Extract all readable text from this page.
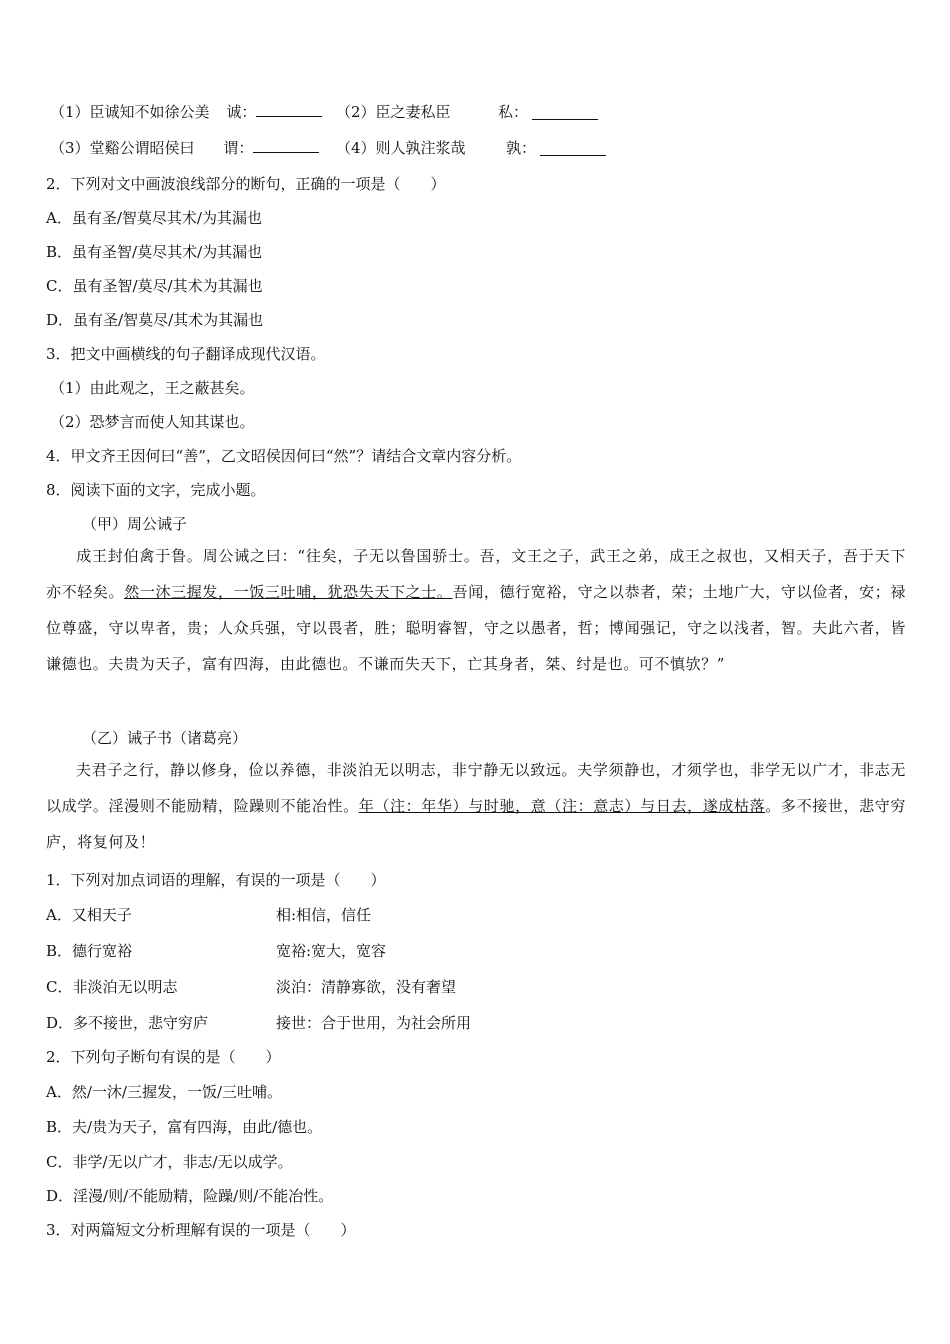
（1）臣诚知不如徐公美 诚：	（2）臣之妻私臣	私：
（3）堂谿公谓昭侯曰 谓：	（4）则人孰注浆哉	孰：
2．下列对文中画波浪线部分的断句，正确的一项是（　　）
A．虽有圣/智莫尽其术/为其漏也
B．虽有圣智/莫尽其术/为其漏也
C．虽有圣智/莫尽/其术为其漏也
D．虽有圣/智莫尽/其术为其漏也
3．把文中画横线的句子翻译成现代汉语。
（1）由此观之，王之蔽甚矣。
（2）恐梦言而使人知其谋也。
4．甲文齐王因何曰“善”，乙文昭侯因何曰“然”？请结合文章内容分析。
8．阅读下面的文字，完成小题。
（甲）周公诫子
成王封伯禽于鲁。周公诫之曰：“往矣，子无以鲁国骄士。吾，文王之子，武王之弟，成王之叔也，又相天子，吾于天下亦不轻矣。然一沐三握发，一饭三吐哺，犹恐失天下之士。吾闻，德行宽裕，守之以恭者，荣；土地广大，守以俭者，安；禄位尊盛，守以卑者，贵；人众兵强，守以畏者，胜；聪明睿智，守之以愚者，哲；博闻强记，守之以浅者，智。夫此六者，皆谦德也。夫贵为天子，富有四海，由此德也。不谦而失天下，亡其身者，桀、纣是也。可不慎欤？”
（乙）诫子书（诸葛亮）
夫君子之行，静以修身，俭以养德，非淡泊无以明志，非宁静无以致远。夫学须静也，才须学也，非学无以广才，非志无以成学。淫漫则不能励精，险躁则不能冶性。年（注：年华）与时驰，意（注：意志）与日去，遂成枯落。多不接世，悲守穷庐，将复何及！
1．下列对加点词语的理解，有误的一项是（　　）
A．又相天子	相:相信，信任
B．德行宽裕	宽裕:宽大，宽容
C．非淡泊无以明志	淡泊：清静寡欲，没有奢望
D．多不接世，悲守穷庐	接世：合于世用，为社会所用
2．下列句子断句有误的是（　　）
A．然/一沐/三握发，一饭/三吐哺。
B．夫/贵为天子，富有四海，由此/德也。
C．非学/无以广才，非志/无以成学。
D．淫漫/则/不能励精，险躁/则/不能冶性。
3．对两篇短文分析理解有误的一项是（　　）
